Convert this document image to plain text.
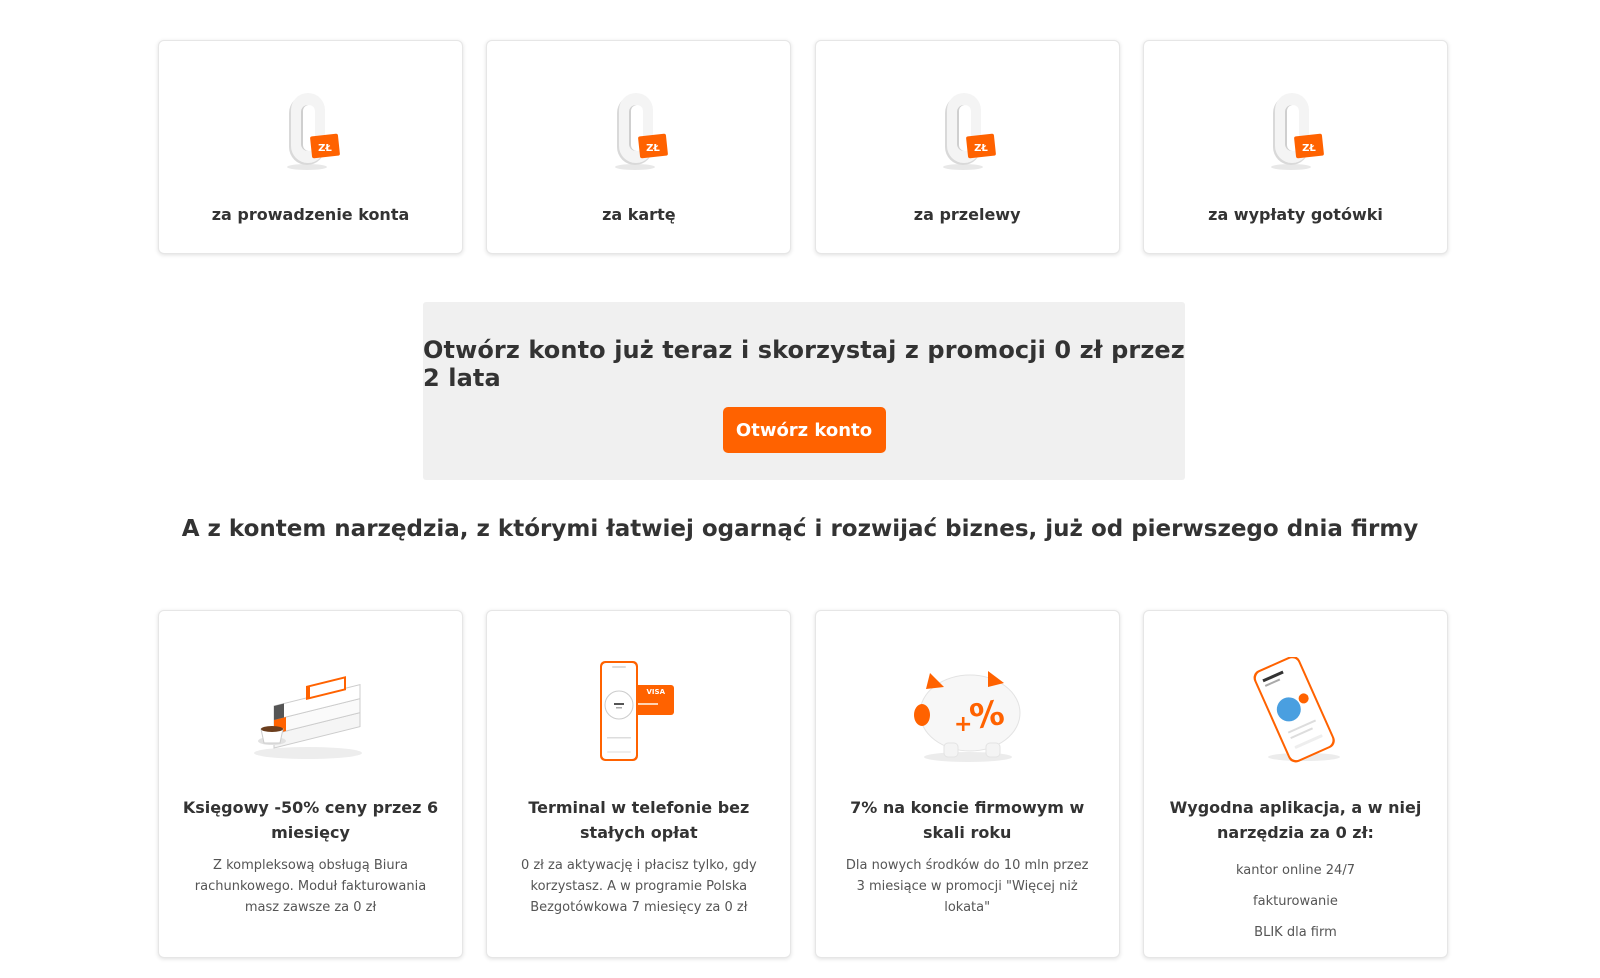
ZŁ
za prowadzenie konta
ZŁ
za kartę
ZŁ
za przelewy
ZŁ
za wypłaty gotówki
Otwórz konto już teraz i skorzystaj z promocji 0 zł przez 2 lata
Otwórz konto
A z kontem narzędzia, z którymi łatwiej ogarnąć i rozwijać biznes, już od pierwszego dnia firmy
Księgowy -50% ceny przez 6 miesięcy
Z kompleksową obsługą Biura rachunkowego. Moduł fakturowania masz zawsze za 0 zł
VISA
Terminal w telefonie bez stałych opłat
0 zł za aktywację i płacisz tylko, gdy korzystasz. A w programie Polska Bezgotówkowa 7 miesięcy za 0 zł
+
%
7% na koncie firmowym w skali roku
Dla nowych środków do 10 mln przez 3 miesiące w promocji "Więcej niż lokata"
Wygodna aplikacja, a w niej narzędzia za 0 zł:
kantor online 24/7
fakturowanie
BLIK dla firm
